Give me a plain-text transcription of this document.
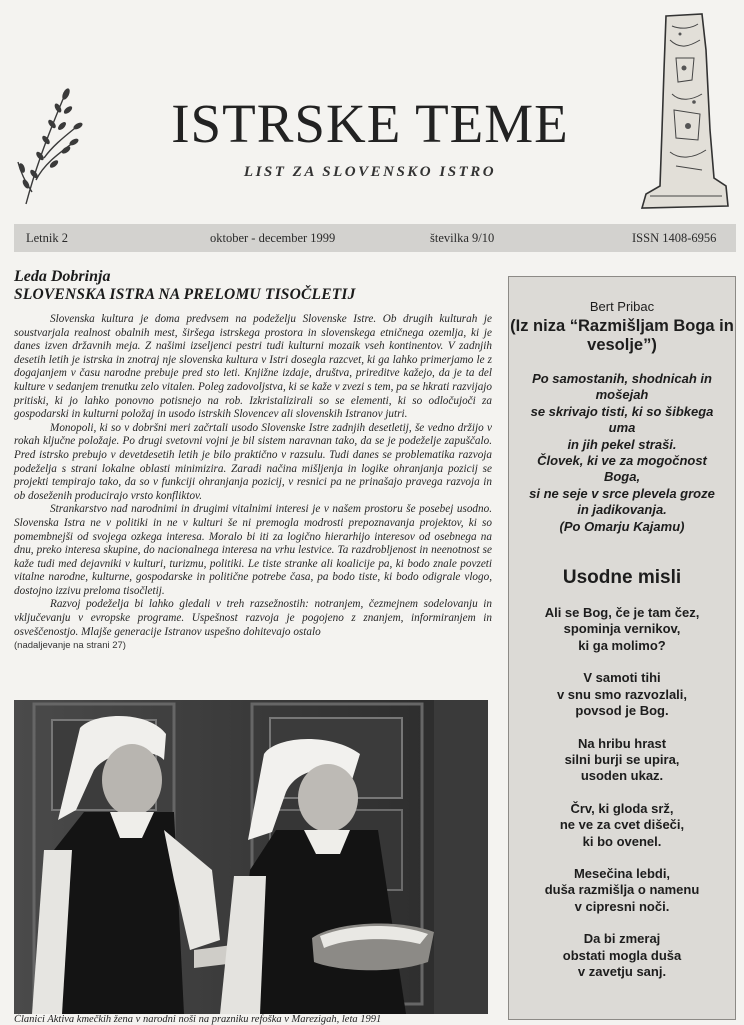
ISTRSKE TEME
LIST ZA SLOVENSKO ISTRO
Letnik 2	oktober - december 1999	številka 9/10	ISSN 1408-6956
Leda Dobrinja
SLOVENSKA ISTRA NA PRELOMU TISOČLETIJ

Slovenska kultura je doma predvsem na podeželju Slovenske Istre. Ob drugih kulturah je soustvarjala realnost obalnih mest, širšega istrskega prostora in slovenskega etničnega ozemlja, ki je danes izven državnih meja. Z našimi izseljenci pestri tudi kulturni mozaik vseh kontinentov. V zadnjih desetih letih je istrska in znotraj nje slovenska kultura v Istri dosegla razcvet, ki ga lahko primerjamo le z dogajanjem v času narodne prebuje pred sto leti. Knjižne izdaje, društva, prireditve kažejo, da je ta del kulture v sedanjem trenutku zelo vitalen. Poleg zadovoljstva, ki se kaže v zvezi s tem, pa se hkrati razvijajo pritiski, ki jo lahko ponovno potisnejo na rob. Izkristalizirali so se elementi, ki so odločujoči za gospodarski in kulturni položaj in usodo istrskih Slovencev ali slovenskih Istranov jutri.

Monopoli, ki so v dobršni meri začrtali usodo Slovenske Istre zadnjih desetletij, še vedno držijo v rokah ključne položaje. Po drugi svetovni vojni je bil sistem naravnan tako, da se je podeželje zapuščalo. Pred istrsko prebujo v devetdesetih letih je bilo praktično v razsulu. Tudi danes se problematika razvoja podeželja s strani lokalne oblasti minimizira. Zaradi načina mišljenja in logike ohranjanja pozicij se projekti tempirajo tako, da so v funkciji ohranjanja pozicij, v resnici pa ne prinašajo pravega razvoja in ob doseženih producirajo vrsto konfliktov.

Strankarstvo nad narodnimi in drugimi vitalnimi interesi je v našem prostoru še posebej usodno. Slovenska Istra ne v politiki in ne v kulturi še ni premogla modrosti prepoznavanja projektov, ki so pomembnejši od svojega ozkega interesa. Moralo bi iti za logično hierarhijo interesov od osebnega na dnu, preko interesa skupine, do nacionalnega interesa na vrhu lestvice. Ta razdrobljenost in neenotnost se kaže tudi med dejavniki v kulturi, turizmu, politiki. Le tiste stranke ali koalicije pa, ki bodo znale povzeti vitalne narodne, kulturne, gospodarske in politične potrebe časa, pa bodo tiste, ki bodo odigrale vlogo, dostojno izzivu preloma tisočletij.

Razvoj podeželja bi lahko gledali v treh razsežnostih: notranjem, čezmejnem sodelovanju in vključevanju v evropske programe. Uspešnost razvoja je pogojeno z znanjem, informiranjem in osveščenostjo. Mlajše generacije Istranov uspešno dohitevajo ostalo

(nadaljevanje na strani 27)
Članici Aktiva kmečkih žena v narodni noši na prazniku refoška v Marezigah, leta 1991
Bert Pribac
(Iz niza “Razmišljam Boga in vesolje”)
Po samostanih, shodnicah in
mošejah
se skrivajo tisti, ki so šibkega
uma
in jih pekel straši.
Človek, ki ve za mogočnost
Boga,
si ne seje v srce plevela groze
in jadikovanja.
(Po Omarju Kajamu)
Usodne misli
Ali se Bog, če je tam čez,
spominja vernikov,
ki ga molimo?
V samoti tihi
v snu smo razvozlali,
povsod je Bog.
Na hribu hrast
silni burji se upira,
usoden ukaz.
Črv, ki gloda srž,
ne ve za cvet dišeči,
ki bo ovenel.
Mesečina lebdi,
duša razmišlja o namenu
v cipresni noči.
Da bi zmeraj
obstati mogla duša
v zavetju sanj.
